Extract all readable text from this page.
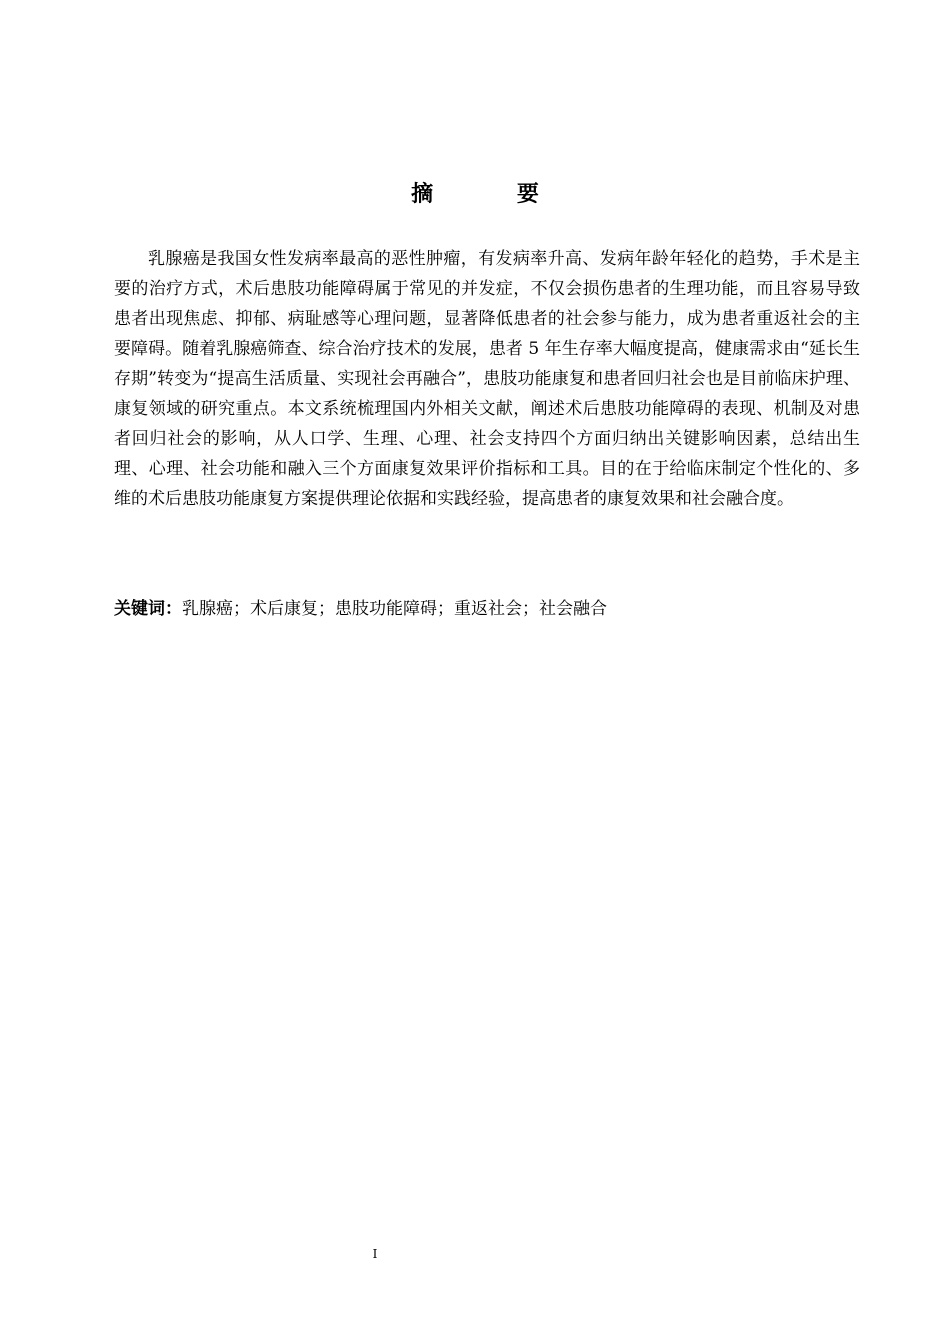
摘 要

乳腺癌是我国女性发病率最高的恶性肿瘤，有发病率升高、发病年龄年轻化的趋势，手术是主要的治疗方式，术后患肢功能障碍属于常见的并发症，不仅会损伤患者的生理功能，而且容易导致患者出现焦虑、抑郁、病耻感等心理问题，显著降低患者的社会参与能力，成为患者重返社会的主要障碍。随着乳腺癌筛查、综合治疗技术的发展，患者 5 年生存率大幅度提高，健康需求由“延长生存期”转变为“提高生活质量、实现社会再融合”，患肢功能康复和患者回归社会也是目前临床护理、康复领域的研究重点。本文系统梳理国内外相关文献，阐述术后患肢功能障碍的表现、机制及对患者回归社会的影响，从人口学、生理、心理、社会支持四个方面归纳出关键影响因素，总结出生理、心理、社会功能和融入三个方面康复效果评价指标和工具。目的在于给临床制定个性化的、多维的术后患肢功能康复方案提供理论依据和实践经验，提高患者的康复效果和社会融合度。

关键词：乳腺癌；术后康复；患肢功能障碍；重返社会；社会融合

I
